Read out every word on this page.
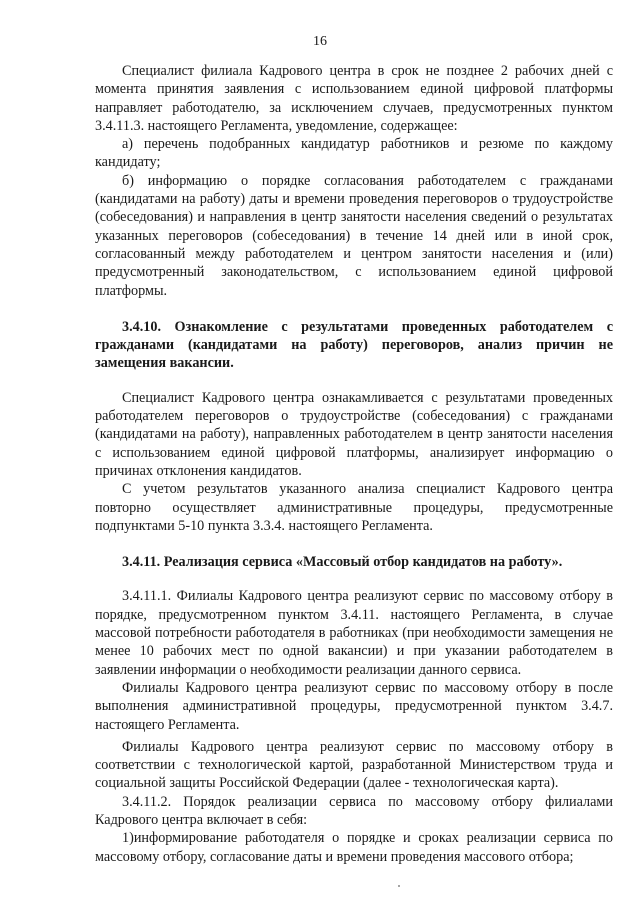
16

Специалист филиала Кадрового центра в срок не позднее 2 рабочих дней с момента принятия заявления с использованием единой цифровой платформы направляет работодателю, за исключением случаев, предусмотренных пунктом 3.4.11.3. настоящего Регламента, уведомление, содержащее:

а) перечень подобранных кандидатур работников и резюме по каждому кандидату;

б) информацию о порядке согласования работодателем с гражданами (кандидатами на работу) даты и времени проведения переговоров о трудоустройстве (собеседования) и направления в центр занятости населения сведений о результатах указанных переговоров (собеседования) в течение 14 дней или в иной срок, согласованный между работодателем и центром занятости населения и (или) предусмотренный законодательством, с использованием единой цифровой платформы.

3.4.10. Ознакомление с результатами проведенных работодателем с гражданами (кандидатами на работу) переговоров, анализ причин не замещения вакансии.

Специалист Кадрового центра ознакамливается с результатами проведенных работодателем переговоров о трудоустройстве (собеседования) с гражданами (кандидатами на работу), направленных работодателем в центр занятости населения с использованием единой цифровой платформы, анализирует информацию о причинах отклонения кандидатов.

С учетом результатов указанного анализа специалист Кадрового центра повторно осуществляет административные процедуры, предусмотренные подпунктами 5-10 пункта 3.3.4. настоящего Регламента.

3.4.11. Реализация сервиса «Массовый отбор кандидатов на работу».

3.4.11.1. Филиалы Кадрового центра реализуют сервис по массовому отбору в порядке, предусмотренном пунктом 3.4.11. настоящего Регламента, в случае массовой потребности работодателя в работниках (при необходимости замещения не менее 10 рабочих мест по одной вакансии) и при указании работодателем в заявлении информации о необходимости реализации данного сервиса.

Филиалы Кадрового центра реализуют сервис по массовому отбору в после выполнения административной процедуры, предусмотренной пунктом 3.4.7. настоящего Регламента.

Филиалы Кадрового центра реализуют сервис по массовому отбору в соответствии с технологической картой, разработанной Министерством труда и социальной защиты Российской Федерации (далее - технологическая карта).

3.4.11.2. Порядок реализации сервиса по массовому отбору филиалами Кадрового центра включает в себя:

1)информирование работодателя о порядке и сроках реализации сервиса по массовому отбору, согласование даты и времени проведения массового отбора;
